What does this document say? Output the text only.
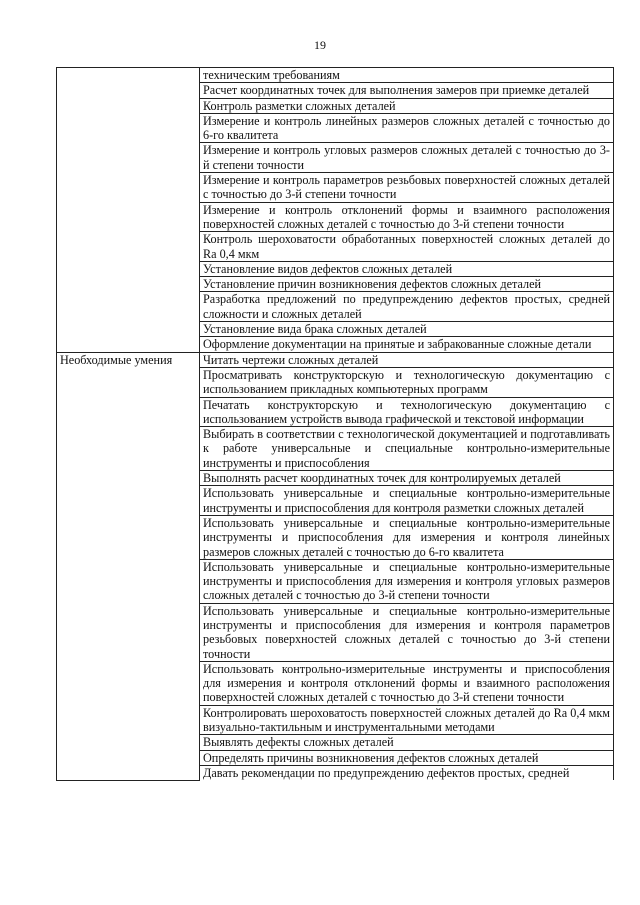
19
	техническим требованиям
	Расчет координатных точек для выполнения замеров при приемке деталей
	Контроль разметки сложных деталей
	Измерение и контроль линейных размеров сложных деталей с точностью до 6-го квалитета
	Измерение и контроль угловых размеров сложных деталей с точностью до 3-й степени точности
	Измерение и контроль параметров резьбовых поверхностей сложных деталей с точностью до 3-й степени точности
	Измерение и контроль отклонений формы и взаимного расположения поверхностей сложных деталей с точностью до 3-й степени точности
	Контроль шероховатости обработанных поверхностей сложных деталей до Ra 0,4 мкм
	Установление видов дефектов сложных деталей
	Установление причин возникновения дефектов сложных деталей
	Разработка предложений по предупреждению дефектов простых, средней сложности и сложных деталей
	Установление вида брака сложных деталей
	Оформление документации на принятые и забракованные сложные детали
Необходимые умения	Читать чертежи сложных деталей
	Просматривать конструкторскую и технологическую документацию с использованием прикладных компьютерных программ
	Печатать конструкторскую и технологическую документацию с использованием устройств вывода графической и текстовой информации
	Выбирать в соответствии с технологической документацией и подготавливать к работе универсальные и специальные контрольно-измерительные инструменты и приспособления
	Выполнять расчет координатных точек для контролируемых деталей
	Использовать универсальные и специальные контрольно-измерительные инструменты и приспособления для контроля разметки сложных деталей
	Использовать универсальные и специальные контрольно-измерительные инструменты и приспособления для измерения и контроля линейных размеров сложных деталей с точностью до 6-го квалитета
	Использовать универсальные и специальные контрольно-измерительные инструменты и приспособления для измерения и контроля угловых размеров сложных деталей с точностью до 3-й степени точности
	Использовать универсальные и специальные контрольно-измерительные инструменты и приспособления для измерения и контроля параметров резьбовых поверхностей сложных деталей с точностью до 3-й степени точности
	Использовать контрольно-измерительные инструменты и приспособления для измерения и контроля отклонений формы и взаимного расположения поверхностей сложных деталей с точностью до 3-й степени точности
	Контролировать шероховатость поверхностей сложных деталей до Ra 0,4 мкм визуально-тактильным и инструментальными методами
	Выявлять дефекты сложных деталей
	Определять причины возникновения дефектов сложных деталей
	Давать рекомендации по предупреждению дефектов простых, средней
